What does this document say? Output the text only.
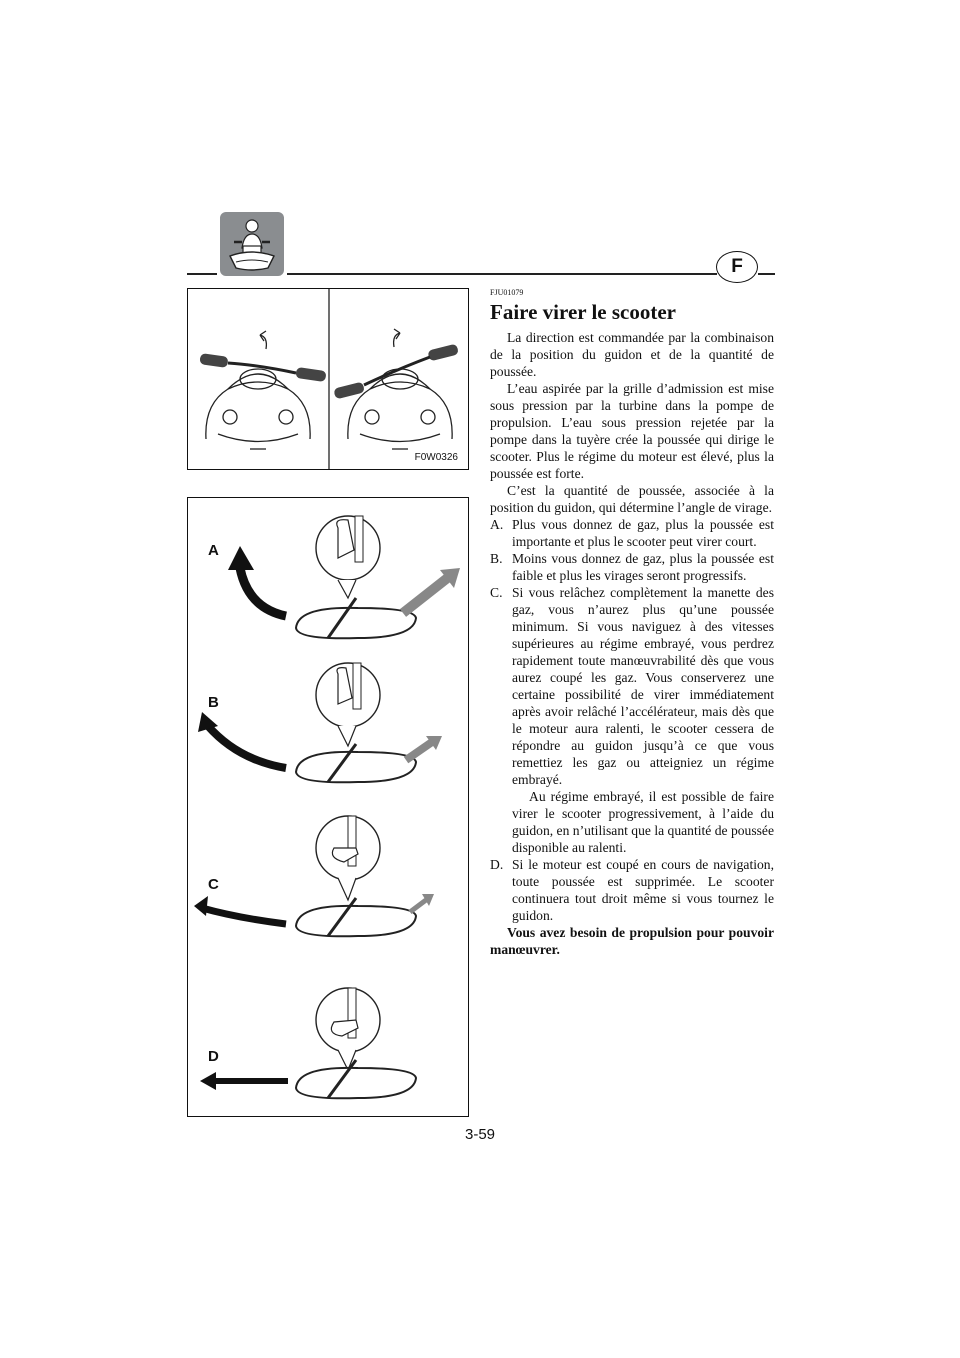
F
F0W0326
A
B
C
D
FJU01079
Faire virer le scooter

La direction est commandée par la combinaison de la position du guidon et de la quantité de poussée.

L’eau aspirée par la grille d’admission est mise sous pression par la turbine dans la pompe de propulsion. L’eau sous pression rejetée par la pompe dans la tuyère crée la poussée qui dirige le scooter. Plus le régime du moteur est élevé, plus la poussée est forte.

C’est la quantité de poussée, associée à la position du guidon, qui détermine l’angle de virage.

A. Plus vous donnez de gaz, plus la poussée est importante et plus le scooter peut virer court.
B. Moins vous donnez de gaz, plus la poussée est faible et plus les virages seront progressifs.
C. Si vous relâchez complètement la manette des gaz, vous n’aurez plus qu’une poussée minimum. Si vous naviguez à des vitesses supérieures au régime embrayé, vous perdrez rapidement toute manœuvrabilité dès que vous aurez coupé les gaz. Vous conserverez une certaine possibilité de virer immédiatement après avoir relâché l’accélérateur, mais dès que le moteur aura ralenti, le scooter cessera de répondre au guidon jusqu’à ce que vous remettiez les gaz ou atteigniez un régime embrayé.

Au régime embrayé, il est possible de faire virer le scooter progressivement, à l’aide du guidon, en n’utilisant que la quantité de poussée disponible au ralenti.

D. Si le moteur est coupé en cours de navigation, toute poussée est supprimée. Le scooter continuera tout droit même si vous tournez le guidon.

Vous avez besoin de propulsion pour pouvoir manœuvrer.

3-59
